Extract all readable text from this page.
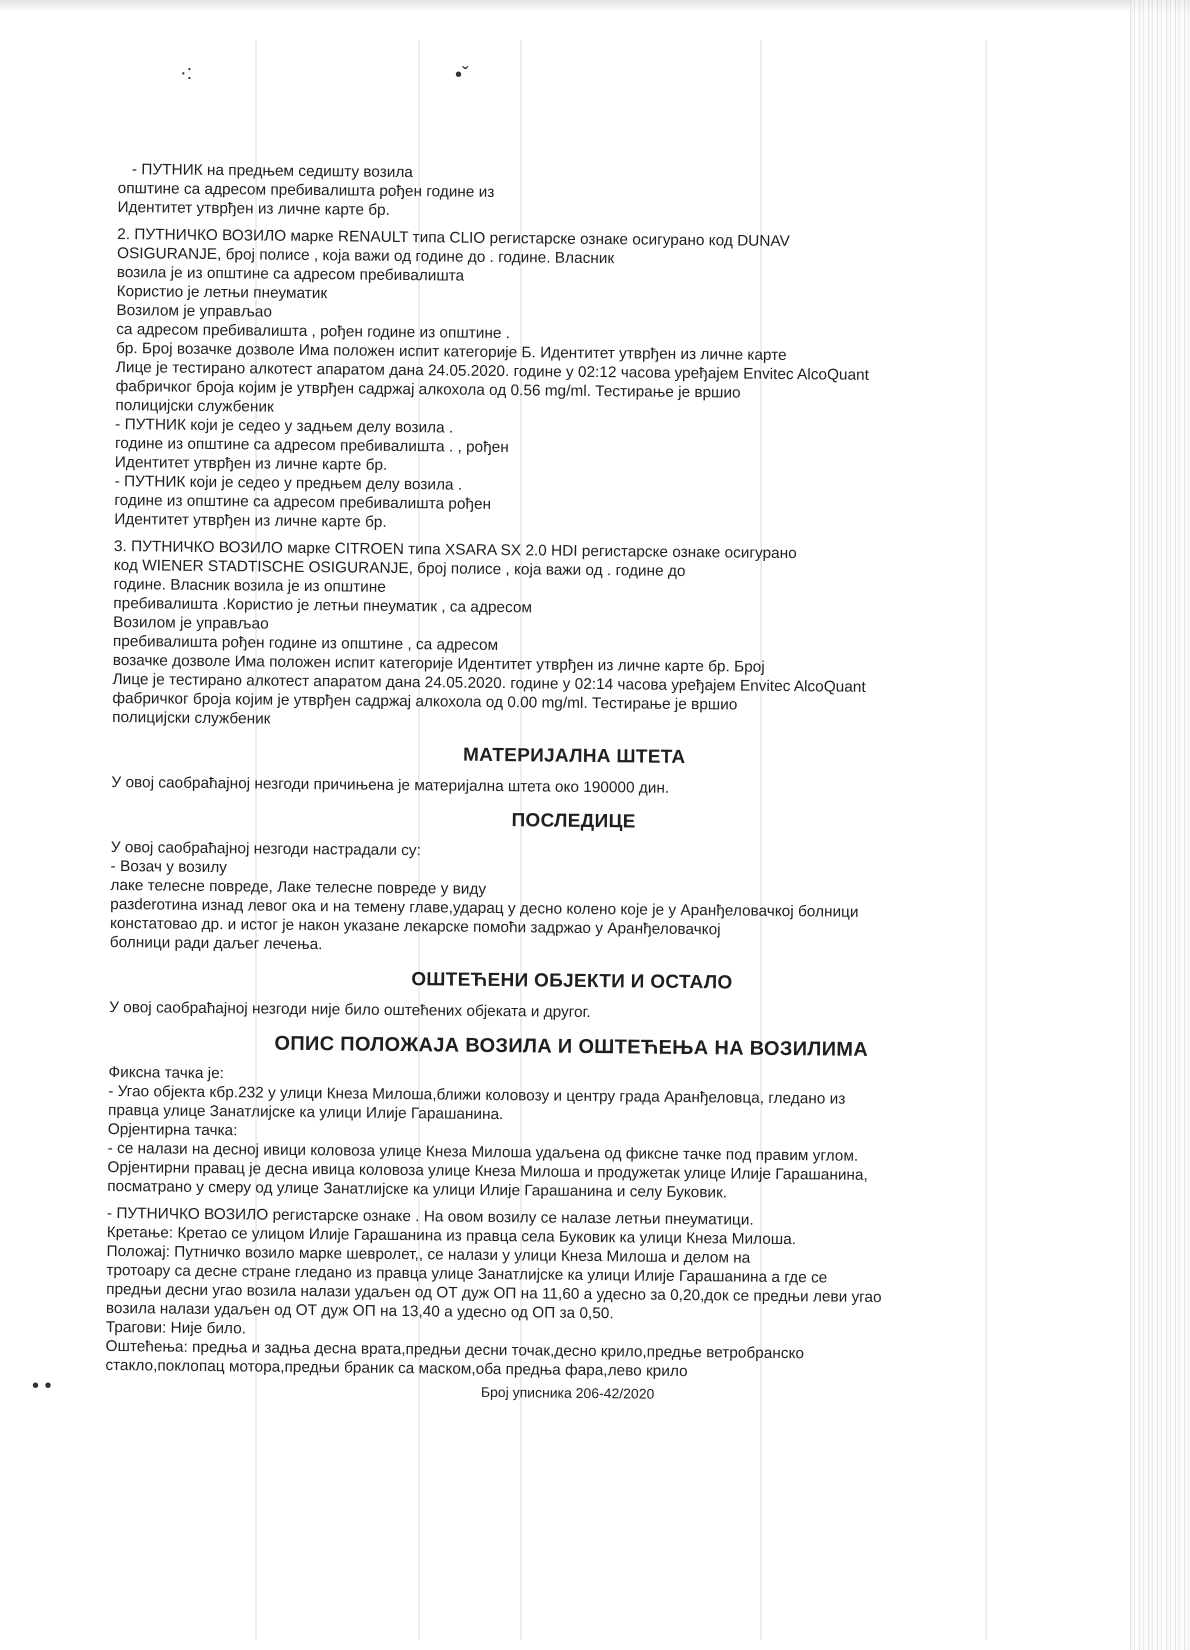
·:	•ˇ
• •
- ПУТНИК на предњем седишту возила
општине са адресом пребивалишта рођен године из
Идентитет утврђен из личне карте бр.
2. ПУТНИЧКО ВОЗИЛО марке RENAULT типа CLIO регистарске ознаке осигурано код DUNAV
OSIGURANJE, број полисе , која важи од године до . године. Власник
возила је из општине са адресом пребивалишта
Користио је летњи пнеуматик
Возилом је управљао
са адресом пребивалишта , рођен године из општине .
бр. Број возачке дозволе Има положен испит категорије Б. Идентитет утврђен из личне карте
Лице је тестирано алкотест апаратом дана 24.05.2020. године у 02:12 часова уређајем Envitec AlcoQuant
фабричког броја којим је утврђен садржај алкохола од 0.56 mg/ml. Тестирање је вршио
полицијски службеник
- ПУТНИК који је седео у задњем делу возила .
године из општине са адресом пребивалишта . , рођен
Идентитет утврђен из личне карте бр.
- ПУТНИК који је седео у предњем делу возила .
године из општине са адресом пребивалишта рођен
Идентитет утврђен из личне карте бр.
3. ПУТНИЧКО ВОЗИЛО марке CITROEN типа XSARA SX 2.0 HDI регистарске ознаке осигурано
код WIENER STADTISCHE OSIGURANJE, број полисе , која важи од . године до
године. Власник возила је из општине
пребивалишта .Користио је летњи пнеуматик , са адресом
Возилом је управљао
пребивалишта рођен године из општине , са адресом
возачке дозволе Има положен испит категорије Идентитет утврђен из личне карте бр. Број
Лице је тестирано алкотест апаратом дана 24.05.2020. године у 02:14 часова уређајем Envitec AlcoQuant
фабричког броја којим је утврђен садржај алкохола од 0.00 mg/ml. Тестирање је вршио
полицијски службеник
МАТЕРИЈАЛНА ШТЕТА
У овој саобраћајној незгоди причињена је материјална штета око 190000 дин.
ПОСЛЕДИЦЕ
У овој саобраћајној незгоди настрадали су:
- Возач у возилу
лаке телесне повреде, Лаке телесне повреде у виду
разderотина изнад левог ока и на темену главе,ударац у десно колено које је у Аранђеловачкој болници
констатовао др. и истог је након указане лекарске помоћи задржао у Аранђеловачкој
болници ради даљег лечења.
ОШТЕЋЕНИ ОБЈЕКТИ И ОСТАЛО
У овој саобраћајној незгоди није било оштећених објеката и другог.
ОПИС ПОЛОЖАЈА ВОЗИЛА И ОШТЕЋЕЊА НА ВОЗИЛИМА
Фиксна тачка је:
- Угао објекта кбр.232 у улици Кнеза Милоша,ближи коловозу и центру града Аранђеловца, гледано из
правца улице Занатлијске ка улици Илије Гарашанина.
Орјентирна тачка:
- се налази на десној ивици коловоза улице Кнеза Милоша удаљена од фиксне тачке под правим углом.
Орјентирни правац је десна ивица коловоза улице Кнеза Милоша и продужетак улице Илије Гарашанина,
посматрано у смеру од улице Занатлијске ка улици Илије Гарашанина и селу Буковик.
- ПУТНИЧКО ВОЗИЛО регистарске ознаке . На овом возилу се налазе летњи пнеуматици.
Кретање: Кретао се улицом Илије Гарашанина из правца села Буковик ка улици Кнеза Милоша.
Положај: Путничко возило марке шевролет,, се налази у улици Кнеза Милоша и делом на
тротоару са десне стране гледано из правца улице Занатлијске ка улици Илије Гарашанина а где се
предњи десни угао возила налази удаљен од ОТ дуж ОП на 11,60 а удесно за 0,20,док се предњи леви угао
возила налази удаљен од ОТ дуж ОП на 13,40 а удесно од ОП за 0,50.
Трагови: Није било.
Оштећења: предња и задња десна врата,предњи десни точак,десно крило,предње ветробранско
стакло,поклопац мотора,предњи браник са маском,оба предња фара,лево крило
Број уписника 206-42/2020
